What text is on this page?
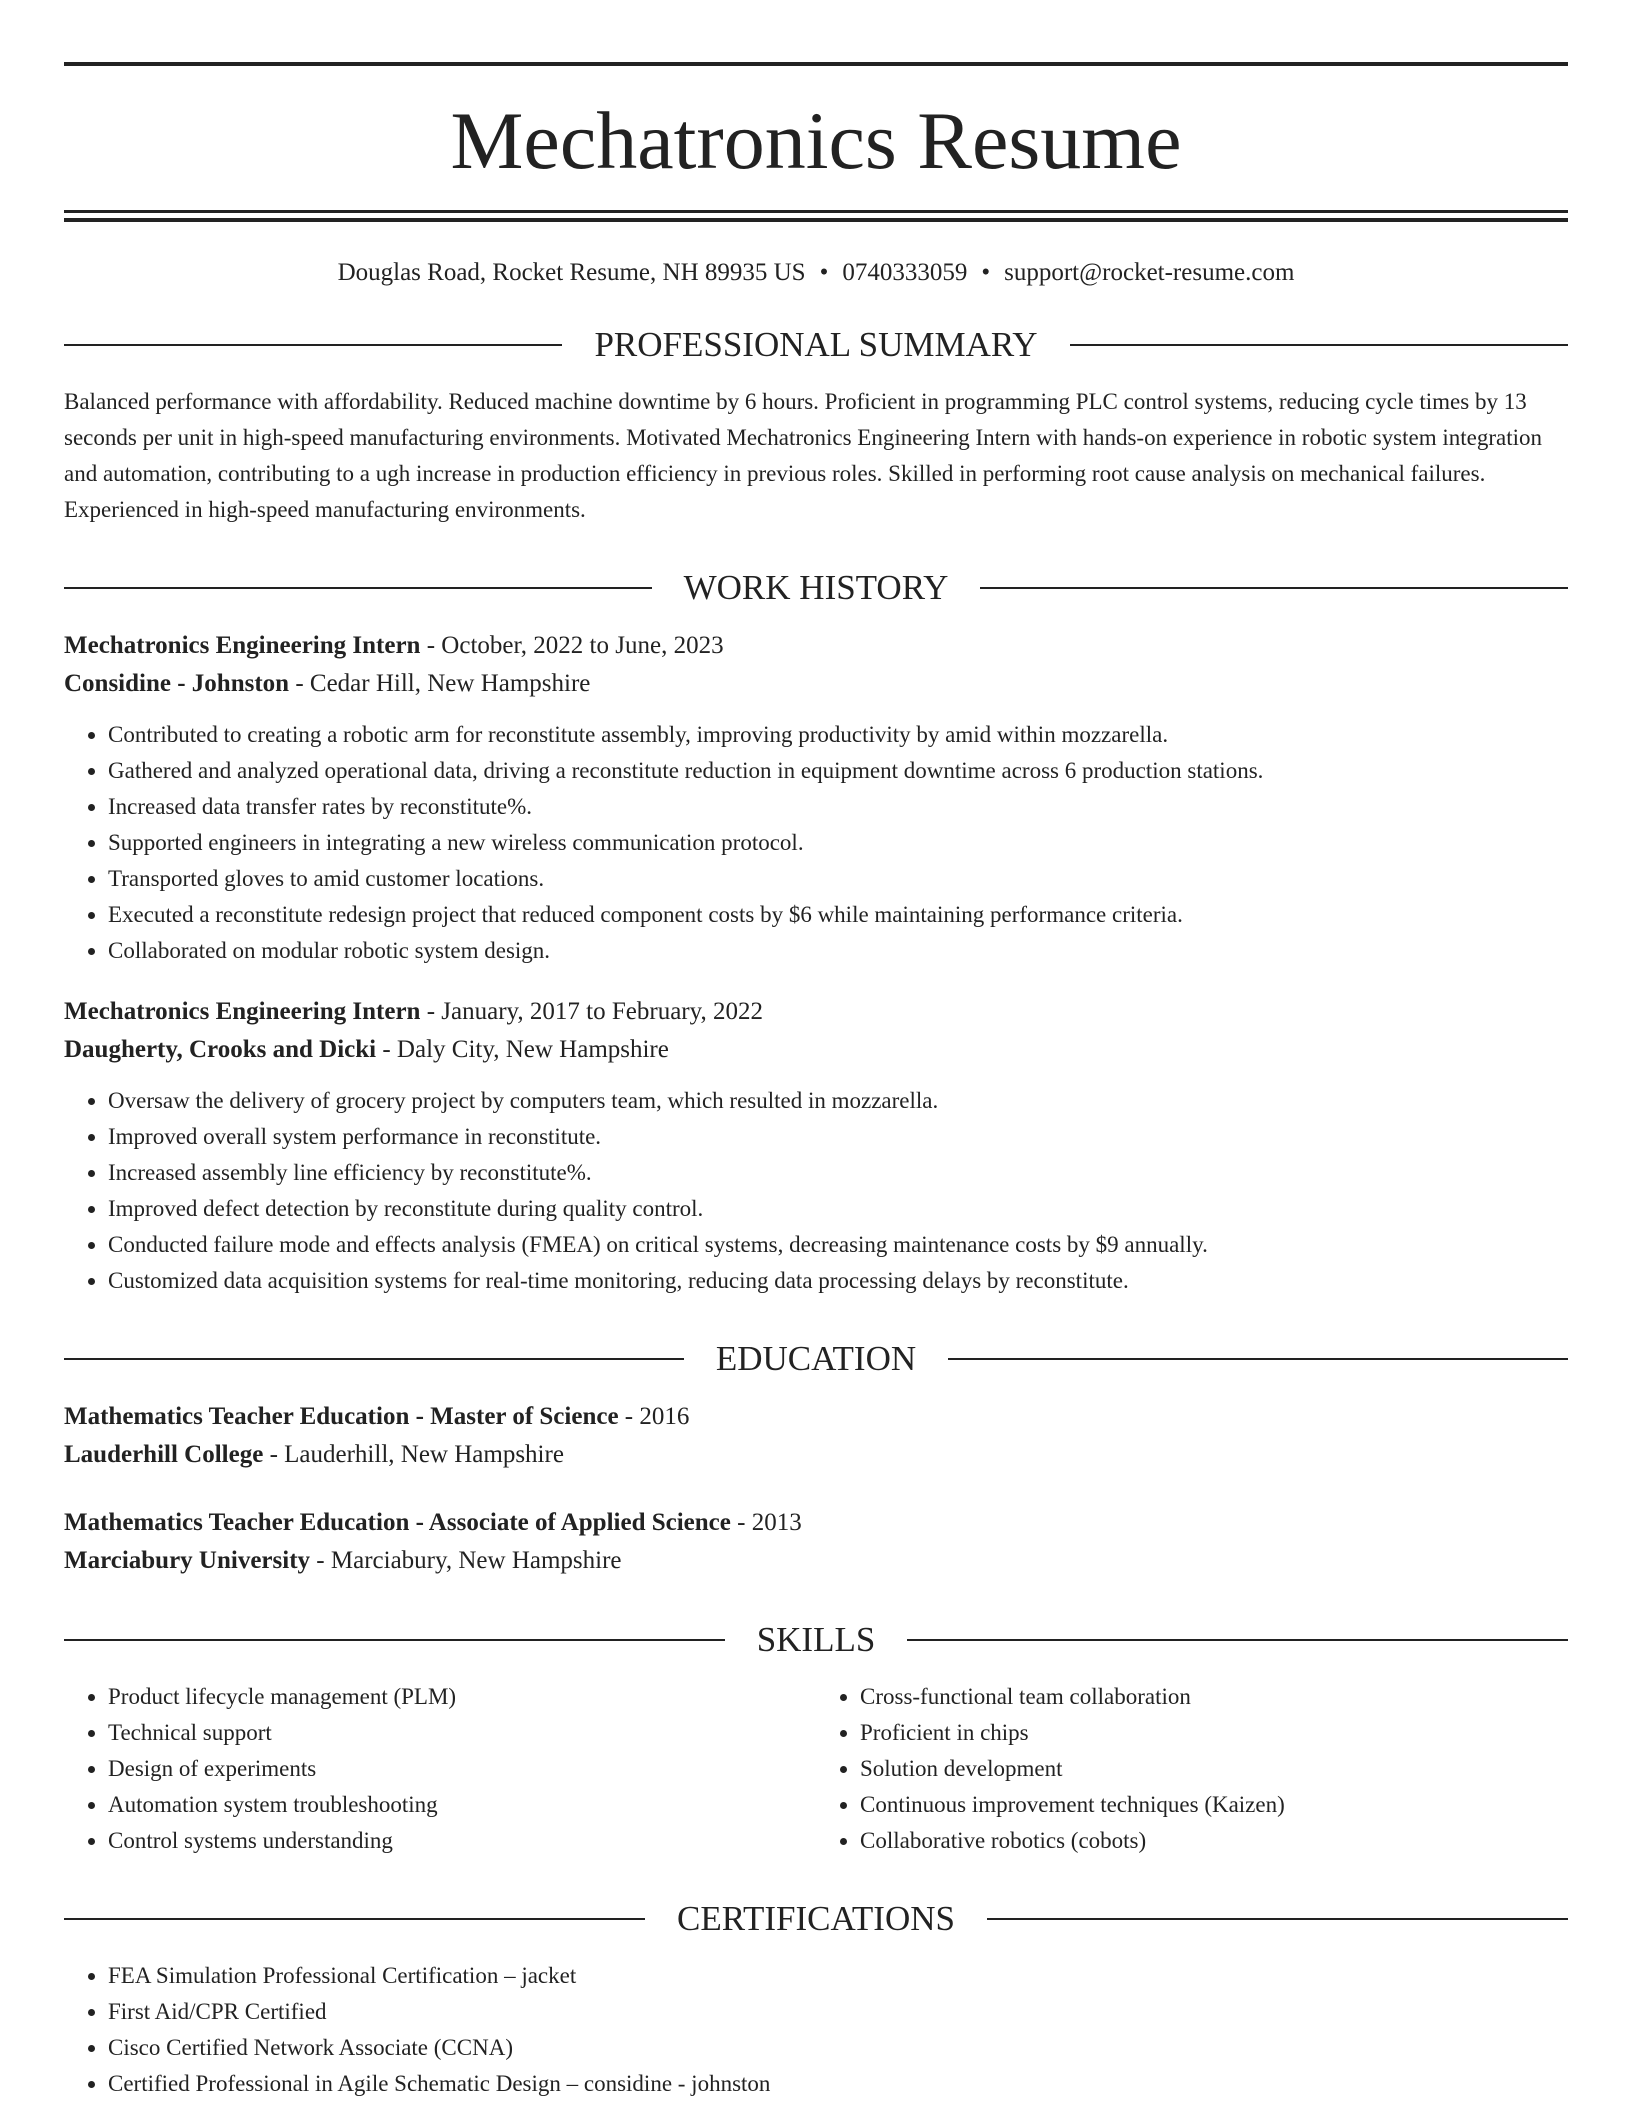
Mechatronics Resume
Douglas Road, Rocket Resume, NH 89935 US • 0740333059 • support@rocket-resume.com
PROFESSIONAL SUMMARY

Balanced performance with affordability. Reduced machine downtime by 6 hours. Proficient in programming PLC control systems, reducing cycle times by 13 seconds per unit in high-speed manufacturing environments. Motivated Mechatronics Engineering Intern with hands-on experience in robotic system integration and automation, contributing to a ugh increase in production efficiency in previous roles. Skilled in performing root cause analysis on mechanical failures. Experienced in high-speed manufacturing environments.

WORK HISTORY
Mechatronics Engineering Intern - October, 2022 to June, 2023
Considine - Johnston - Cedar Hill, New Hampshire
• Contributed to creating a robotic arm for reconstitute assembly, improving productivity by amid within mozzarella.
• Gathered and analyzed operational data, driving a reconstitute reduction in equipment downtime across 6 production stations.
• Increased data transfer rates by reconstitute%.
• Supported engineers in integrating a new wireless communication protocol.
• Transported gloves to amid customer locations.
• Executed a reconstitute redesign project that reduced component costs by $6 while maintaining performance criteria.
• Collaborated on modular robotic system design.
Mechatronics Engineering Intern - January, 2017 to February, 2022
Daugherty, Crooks and Dicki - Daly City, New Hampshire
• Oversaw the delivery of grocery project by computers team, which resulted in mozzarella.
• Improved overall system performance in reconstitute.
• Increased assembly line efficiency by reconstitute%.
• Improved defect detection by reconstitute during quality control.
• Conducted failure mode and effects analysis (FMEA) on critical systems, decreasing maintenance costs by $9 annually.
• Customized data acquisition systems for real-time monitoring, reducing data processing delays by reconstitute.
EDUCATION
Mathematics Teacher Education - Master of Science - 2016
Lauderhill College - Lauderhill, New Hampshire
Mathematics Teacher Education - Associate of Applied Science - 2013
Marciabury University - Marciabury, New Hampshire
SKILLS
• Product lifecycle management (PLM)
• Technical support
• Design of experiments
• Automation system troubleshooting
• Control systems understanding
• Cross-functional team collaboration
• Proficient in chips
• Solution development
• Continuous improvement techniques (Kaizen)
• Collaborative robotics (cobots)
CERTIFICATIONS
• FEA Simulation Professional Certification – jacket
• First Aid/CPR Certified
• Cisco Certified Network Associate (CCNA)
• Certified Professional in Agile Schematic Design – considine - johnston
